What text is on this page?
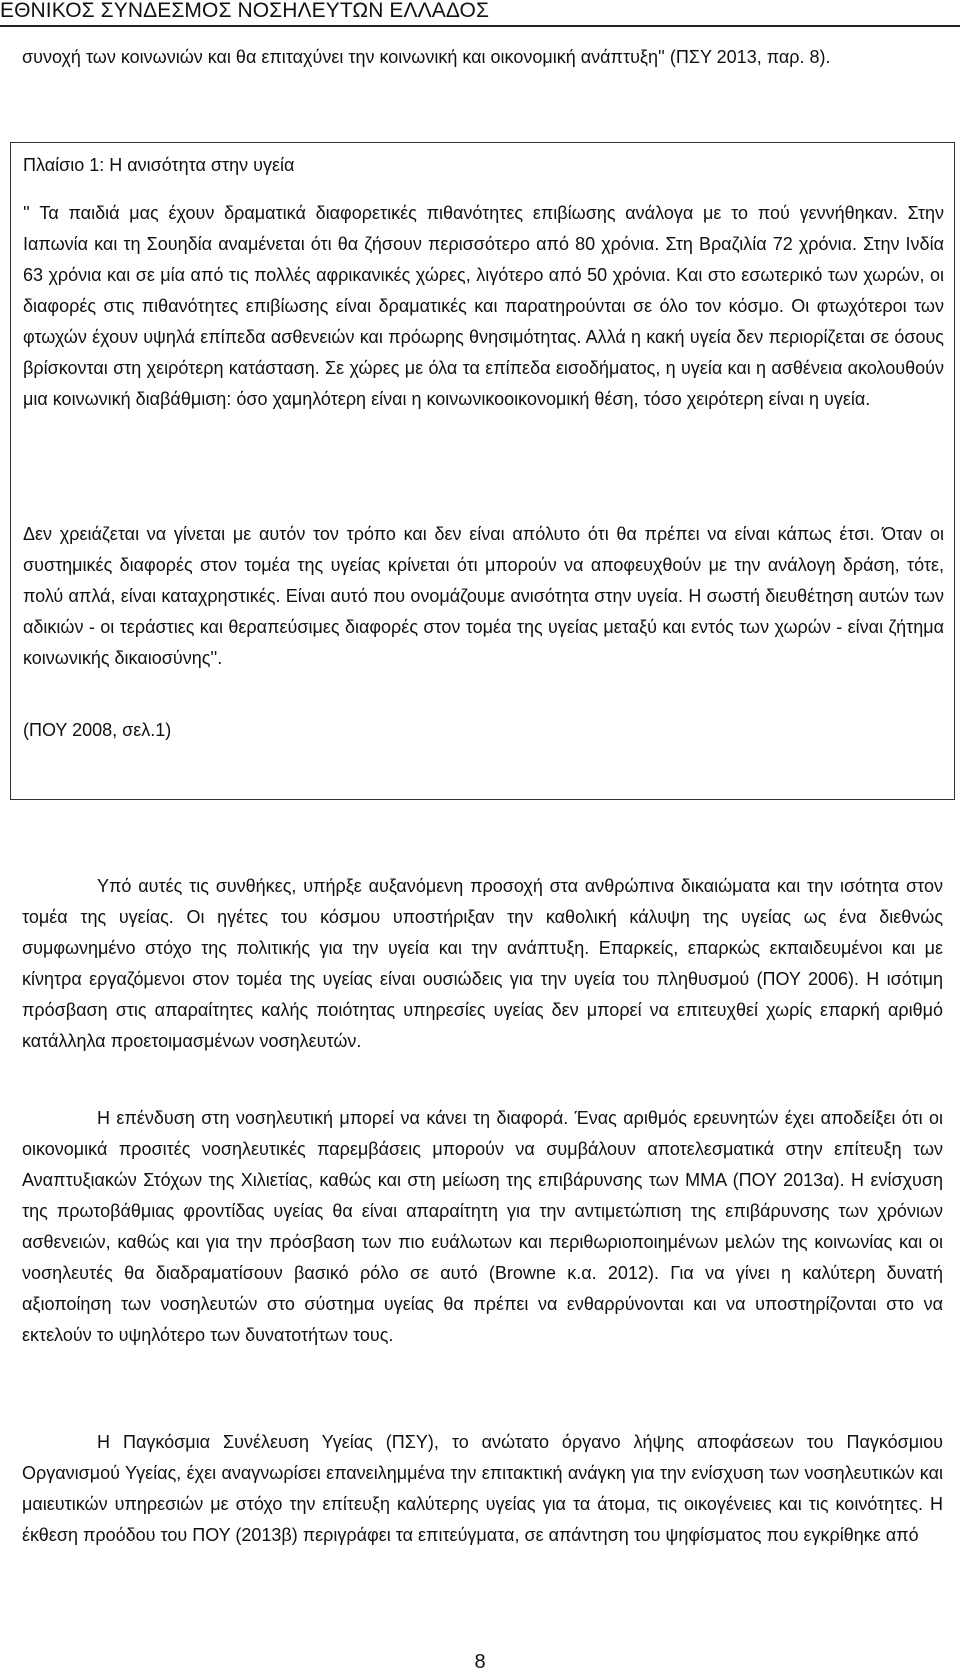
ΕΘΝΙΚΟΣ ΣΥΝΔΕΣΜΟΣ ΝΟΣΗΛΕΥΤΩΝ ΕΛΛΑΔΟΣ

συνοχή των κοινωνιών και θα επιταχύνει την κοινωνική και οικονομική ανάπτυξη'' (ΠΣΥ 2013, παρ. 8).

Πλαίσιο 1: Η ανισότητα στην υγεία

'' Τα παιδιά μας έχουν δραματικά διαφορετικές πιθανότητες επιβίωσης ανάλογα με το πού γεννήθηκαν. Στην Ιαπωνία και τη Σουηδία αναμένεται ότι θα ζήσουν περισσότερο από 80 χρόνια. Στη Βραζιλία 72 χρόνια. Στην Ινδία 63 χρόνια και σε μία από τις πολλές αφρικανικές χώρες, λιγότερο από 50 χρόνια. Και στο εσωτερικό των χωρών, οι διαφορές στις πιθανότητες επιβίωσης είναι δραματικές και παρατηρούνται σε όλο τον κόσμο. Οι φτωχότεροι των φτωχών έχουν υψηλά επίπεδα ασθενειών και πρόωρης θνησιμότητας. Αλλά η κακή υγεία δεν περιορίζεται σε όσους βρίσκονται στη χειρότερη κατάσταση. Σε χώρες με όλα τα επίπεδα εισοδήματος, η υγεία και η ασθένεια ακολουθούν μια κοινωνική διαβάθμιση: όσο χαμηλότερη είναι η κοινωνικοοικονομική θέση, τόσο χειρότερη είναι η υγεία.

Δεν χρειάζεται να γίνεται με αυτόν τον τρόπο και δεν είναι απόλυτο ότι θα πρέπει να είναι κάπως έτσι. Όταν οι συστημικές διαφορές στον τομέα της υγείας κρίνεται ότι μπορούν να αποφευχθούν με την ανάλογη δράση, τότε, πολύ απλά, είναι καταχρηστικές. Είναι αυτό που ονομάζουμε ανισότητα στην υγεία. Η σωστή διευθέτηση αυτών των αδικιών - οι τεράστιες και θεραπεύσιμες διαφορές στον τομέα της υγείας μεταξύ και εντός των χωρών - είναι ζήτημα κοινωνικής δικαιοσύνης''.

(ΠΟΥ 2008, σελ.1)

Υπό αυτές τις συνθήκες, υπήρξε αυξανόμενη προσοχή στα ανθρώπινα δικαιώματα και την ισότητα στον τομέα της υγείας. Οι ηγέτες του κόσμου υποστήριξαν την καθολική κάλυψη της υγείας ως ένα διεθνώς συμφωνημένο στόχο της πολιτικής για την υγεία και την ανάπτυξη. Επαρκείς, επαρκώς εκπαιδευμένοι και με κίνητρα εργαζόμενοι στον τομέα της υγείας είναι ουσιώδεις για την υγεία του πληθυσμού (ΠΟΥ 2006). Η ισότιμη πρόσβαση στις απαραίτητες καλής ποιότητας υπηρεσίες υγείας δεν μπορεί να επιτευχθεί χωρίς επαρκή αριθμό κατάλληλα προετοιμασμένων νοσηλευτών.

Η επένδυση στη νοσηλευτική μπορεί να κάνει τη διαφορά. Ένας αριθμός ερευνητών έχει αποδείξει ότι οι οικονομικά προσιτές νοσηλευτικές παρεμβάσεις μπορούν να συμβάλουν αποτελεσματικά στην επίτευξη των Αναπτυξιακών Στόχων της Χιλιετίας, καθώς και στη μείωση της επιβάρυνσης των ΜΜΑ (ΠΟΥ 2013α). Η ενίσχυση της πρωτοβάθμιας φροντίδας υγείας θα είναι απαραίτητη για την αντιμετώπιση της επιβάρυνσης των χρόνιων ασθενειών, καθώς και για την πρόσβαση των πιο ευάλωτων και περιθωριοποιημένων μελών της κοινωνίας και οι νοσηλευτές θα διαδραματίσουν βασικό ρόλο σε αυτό (Browne κ.α. 2012). Για να γίνει η καλύτερη δυνατή αξιοποίηση των νοσηλευτών στο σύστημα υγείας θα πρέπει να ενθαρρύνονται και να υποστηρίζονται στο να εκτελούν το υψηλότερο των δυνατοτήτων τους.

Η Παγκόσμια Συνέλευση Υγείας (ΠΣΥ), το ανώτατο όργανο λήψης αποφάσεων του Παγκόσμιου Οργανισμού Υγείας, έχει αναγνωρίσει επανειλημμένα την επιτακτική ανάγκη για την ενίσχυση των νοσηλευτικών και μαιευτικών υπηρεσιών με στόχο την επίτευξη καλύτερης υγείας για τα άτομα, τις οικογένειες και τις κοινότητες. Η έκθεση προόδου του ΠΟΥ (2013β) περιγράφει τα επιτεύγματα, σε απάντηση του ψηφίσματος που εγκρίθηκε από

8
